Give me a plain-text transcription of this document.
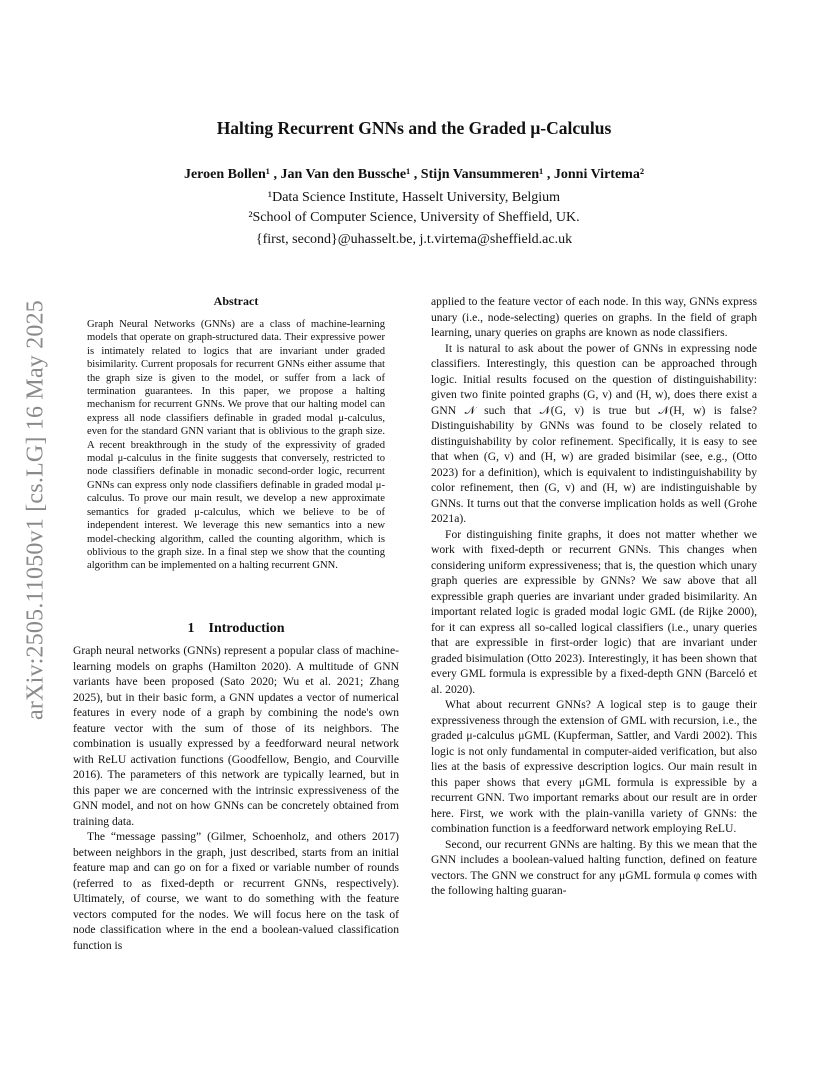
arXiv:2505.11050v1 [cs.LG] 16 May 2025
Halting Recurrent GNNs and the Graded μ-Calculus
Jeroen Bollen¹ , Jan Van den Bussche¹ , Stijn Vansummeren¹ , Jonni Virtema²
¹Data Science Institute, Hasselt University, Belgium
²School of Computer Science, University of Sheffield, UK.
{first, second}@uhasselt.be, j.t.virtema@sheffield.ac.uk
Abstract

Graph Neural Networks (GNNs) are a class of machine-learning models that operate on graph-structured data. Their expressive power is intimately related to logics that are invariant under graded bisimilarity. Current proposals for recurrent GNNs either assume that the graph size is given to the model, or suffer from a lack of termination guarantees. In this paper, we propose a halting mechanism for recurrent GNNs. We prove that our halting model can express all node classifiers definable in graded modal μ-calculus, even for the standard GNN variant that is oblivious to the graph size. A recent breakthrough in the study of the expressivity of graded modal μ-calculus in the finite suggests that conversely, restricted to node classifiers definable in monadic second-order logic, recurrent GNNs can express only node classifiers definable in graded modal μ-calculus. To prove our main result, we develop a new approximate semantics for graded μ-calculus, which we believe to be of independent interest. We leverage this new semantics into a new model-checking algorithm, called the counting algorithm, which is oblivious to the graph size. In a final step we show that the counting algorithm can be implemented on a halting recurrent GNN.

1 Introduction

Graph neural networks (GNNs) represent a popular class of machine-learning models on graphs (Hamilton 2020). A multitude of GNN variants have been proposed (Sato 2020; Wu et al. 2021; Zhang 2025), but in their basic form, a GNN updates a vector of numerical features in every node of a graph by combining the node's own feature vector with the sum of those of its neighbors. The combination is usually expressed by a feedforward neural network with ReLU activation functions (Goodfellow, Bengio, and Courville 2016). The parameters of this network are typically learned, but in this paper we are concerned with the intrinsic expressiveness of the GNN model, and not on how GNNs can be concretely obtained from training data.

The “message passing” (Gilmer, Schoenholz, and others 2017) between neighbors in the graph, just described, starts from an initial feature map and can go on for a fixed or variable number of rounds (referred to as fixed-depth or recurrent GNNs, respectively). Ultimately, of course, we want to do something with the feature vectors computed for the nodes. We will focus here on the task of node classification where in the end a boolean-valued classification function is

applied to the feature vector of each node. In this way, GNNs express unary (i.e., node-selecting) queries on graphs. In the field of graph learning, unary queries on graphs are known as node classifiers.

It is natural to ask about the power of GNNs in expressing node classifiers. Interestingly, this question can be approached through logic. Initial results focused on the question of distinguishability: given two finite pointed graphs (G, v) and (H, w), does there exist a GNN 𝒩 such that 𝒩(G, v) is true but 𝒩(H, w) is false? Distinguishability by GNNs was found to be closely related to distinguishability by color refinement. Specifically, it is easy to see that when (G, v) and (H, w) are graded bisimilar (see, e.g., (Otto 2023) for a definition), which is equivalent to indistinguishability by color refinement, then (G, v) and (H, w) are indistinguishable by GNNs. It turns out that the converse implication holds as well (Grohe 2021a).

For distinguishing finite graphs, it does not matter whether we work with fixed-depth or recurrent GNNs. This changes when considering uniform expressiveness; that is, the question which unary graph queries are expressible by GNNs? We saw above that all expressible graph queries are invariant under graded bisimilarity. An important related logic is graded modal logic GML (de Rijke 2000), for it can express all so-called logical classifiers (i.e., unary queries that are expressible in first-order logic) that are invariant under graded bisimulation (Otto 2023). Interestingly, it has been shown that every GML formula is expressible by a fixed-depth GNN (Barceló et al. 2020).

What about recurrent GNNs? A logical step is to gauge their expressiveness through the extension of GML with recursion, i.e., the graded μ-calculus μGML (Kupferman, Sattler, and Vardi 2002). This logic is not only fundamental in computer-aided verification, but also lies at the basis of expressive description logics. Our main result in this paper shows that every μGML formula is expressible by a recurrent GNN. Two important remarks about our result are in order here. First, we work with the plain-vanilla variety of GNNs: the combination function is a feedforward network employing ReLU.

Second, our recurrent GNNs are halting. By this we mean that the GNN includes a boolean-valued halting function, defined on feature vectors. The GNN we construct for any μGML formula φ comes with the following halting guaran-
